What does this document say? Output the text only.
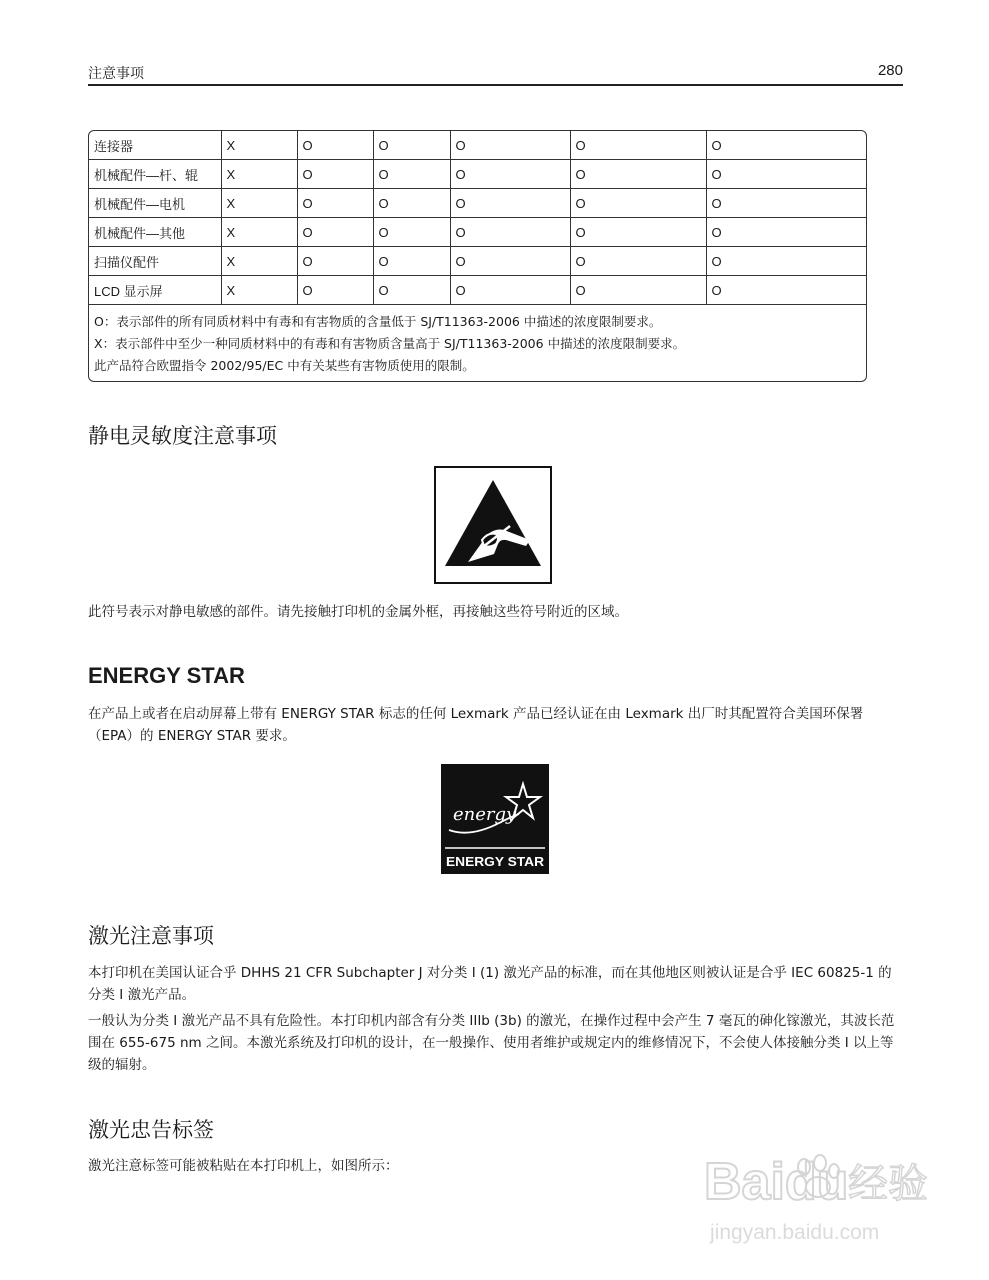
注意事项	280
连接器	X	O	O	O	O	O
机械配件—杆、辊	X	O	O	O	O	O
机械配件—电机	X	O	O	O	O	O
机械配件—其他	X	O	O	O	O	O
扫描仪配件	X	O	O	O	O	O
LCD 显示屏	X	O	O	O	O	O
O：表示部件的所有同质材料中有毒和有害物质的含量低于 SJ/T11363-2006 中描述的浓度限制要求。
X：表示部件中至少一种同质材料中的有毒和有害物质含量高于 SJ/T11363-2006 中描述的浓度限制要求。
此产品符合欧盟指令 2002/95/EC 中有关某些有害物质使用的限制。
静电灵敏度注意事项

此符号表示对静电敏感的部件。请先接触打印机的金属外框，再接触这些符号附近的区域。

ENERGY STAR

在产品上或者在启动屏幕上带有 ENERGY STAR 标志的任何 Lexmark 产品已经认证在由 Lexmark 出厂时其配置符合美国环保署（EPA）的 ENERGY STAR 要求。

energy
ENERGY STAR
激光注意事项

本打印机在美国认证合乎 DHHS 21 CFR Subchapter J 对分类 I (1) 激光产品的标准，而在其他地区则被认证是合乎 IEC 60825-1 的分类 I 激光产品。

一般认为分类 I 激光产品不具有危险性。本打印机内部含有分类 IIIb (3b) 的激光，在操作过程中会产生 7 毫瓦的砷化镓激光，其波长范围在 655-675 nm 之间。本激光系统及打印机的设计，在一般操作、使用者维护或规定内的维修情况下，不会使人体接触分类 I 以上等级的辐射。

激光忠告标签

激光注意标签可能被粘贴在本打印机上，如图所示：	Baidu 经验
jingyan.baidu.com
